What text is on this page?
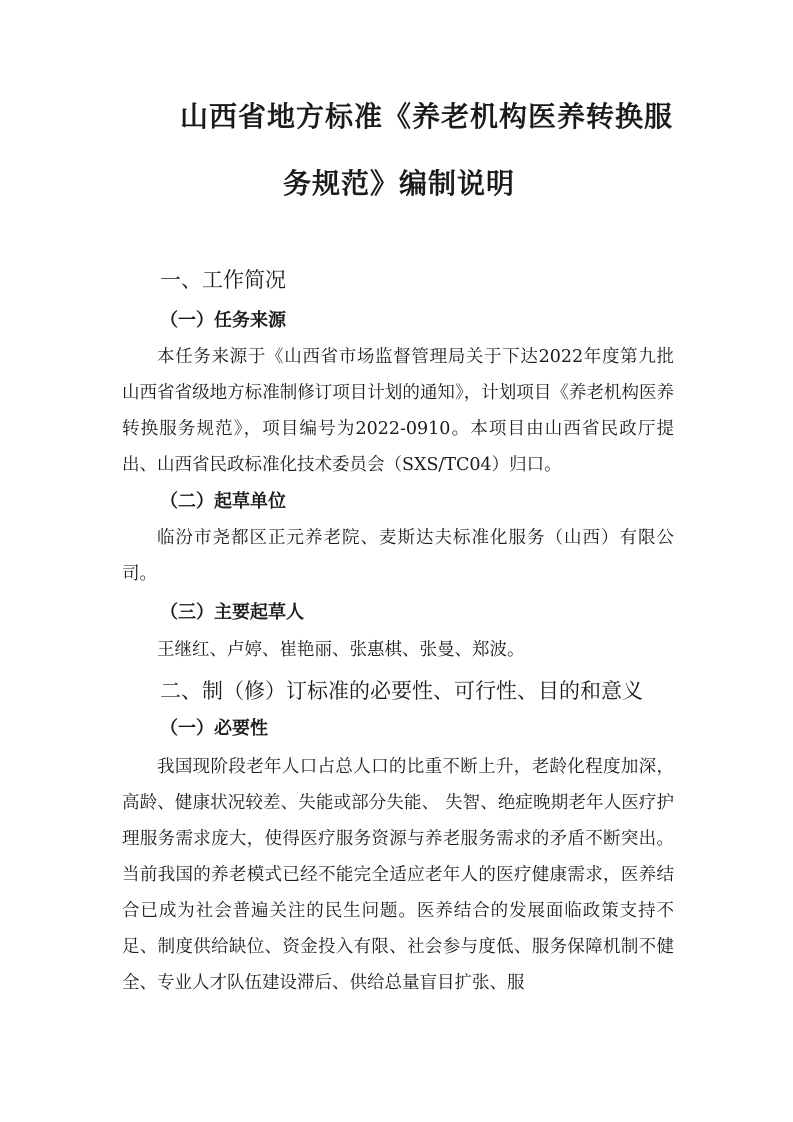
山西省地方标准《养老机构医养转换服
务规范》编制说明
一、工作简况
（一）任务来源

本任务来源于《山西省市场监督管理局关于下达2022年度第九批山西省省级地方标准制修订项目计划的通知》，计划项目《养老机构医养转换服务规范》，项目编号为2022-0910。本项目由山西省民政厅提出、山西省民政标准化技术委员会（SXS/TC04）归口。

（二）起草单位

临汾市尧都区正元养老院、麦斯达夫标准化服务（山西）有限公司。

（三）主要起草人

王继红、卢婷、崔艳丽、张惠棋、张曼、郑波。

二、制（修）订标准的必要性、可行性、目的和意义
（一）必要性

我国现阶段老年人口占总人口的比重不断上升，老龄化程度加深，高龄、健康状况较差、失能或部分失能、 失智、绝症晚期老年人医疗护理服务需求庞大，使得医疗服务资源与养老服务需求的矛盾不断突出。当前我国的养老模式已经不能完全适应老年人的医疗健康需求，医养结合已成为社会普遍关注的民生问题。医养结合的发展面临政策支持不足、制度供给缺位、资金投入有限、社会参与度低、服务保障机制不健全、专业人才队伍建设滞后、供给总量盲目扩张、服
